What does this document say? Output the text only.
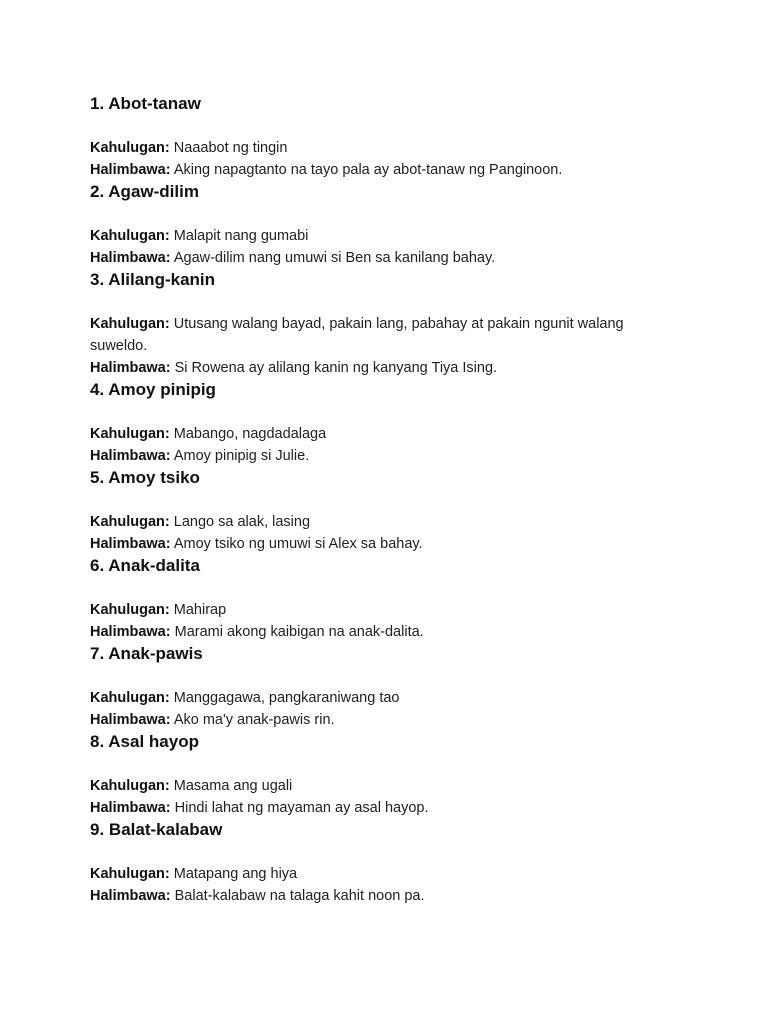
1. Abot-tanaw

Kahulugan: Naaabot ng tingin

Halimbawa: Aking napagtanto na tayo pala ay abot-tanaw ng Panginoon.

2. Agaw-dilim

Kahulugan: Malapit nang gumabi

Halimbawa: Agaw-dilim nang umuwi si Ben sa kanilang bahay.

3. Alilang-kanin

Kahulugan: Utusang walang bayad, pakain lang, pabahay at pakain ngunit walang suweldo.

Halimbawa: Si Rowena ay alilang kanin ng kanyang Tiya Ising.

4. Amoy pinipig

Kahulugan: Mabango, nagdadalaga

Halimbawa: Amoy pinipig si Julie.

5. Amoy tsiko

Kahulugan: Lango sa alak, lasing

Halimbawa: Amoy tsiko ng umuwi si Alex sa bahay.

6. Anak-dalita

Kahulugan: Mahirap

Halimbawa: Marami akong kaibigan na anak-dalita.

7. Anak-pawis

Kahulugan: Manggagawa, pangkaraniwang tao

Halimbawa: Ako ma'y anak-pawis rin.

8. Asal hayop

Kahulugan: Masama ang ugali

Halimbawa: Hindi lahat ng mayaman ay asal hayop.

9. Balat-kalabaw

Kahulugan: Matapang ang hiya

Halimbawa: Balat-kalabaw na talaga kahit noon pa.
